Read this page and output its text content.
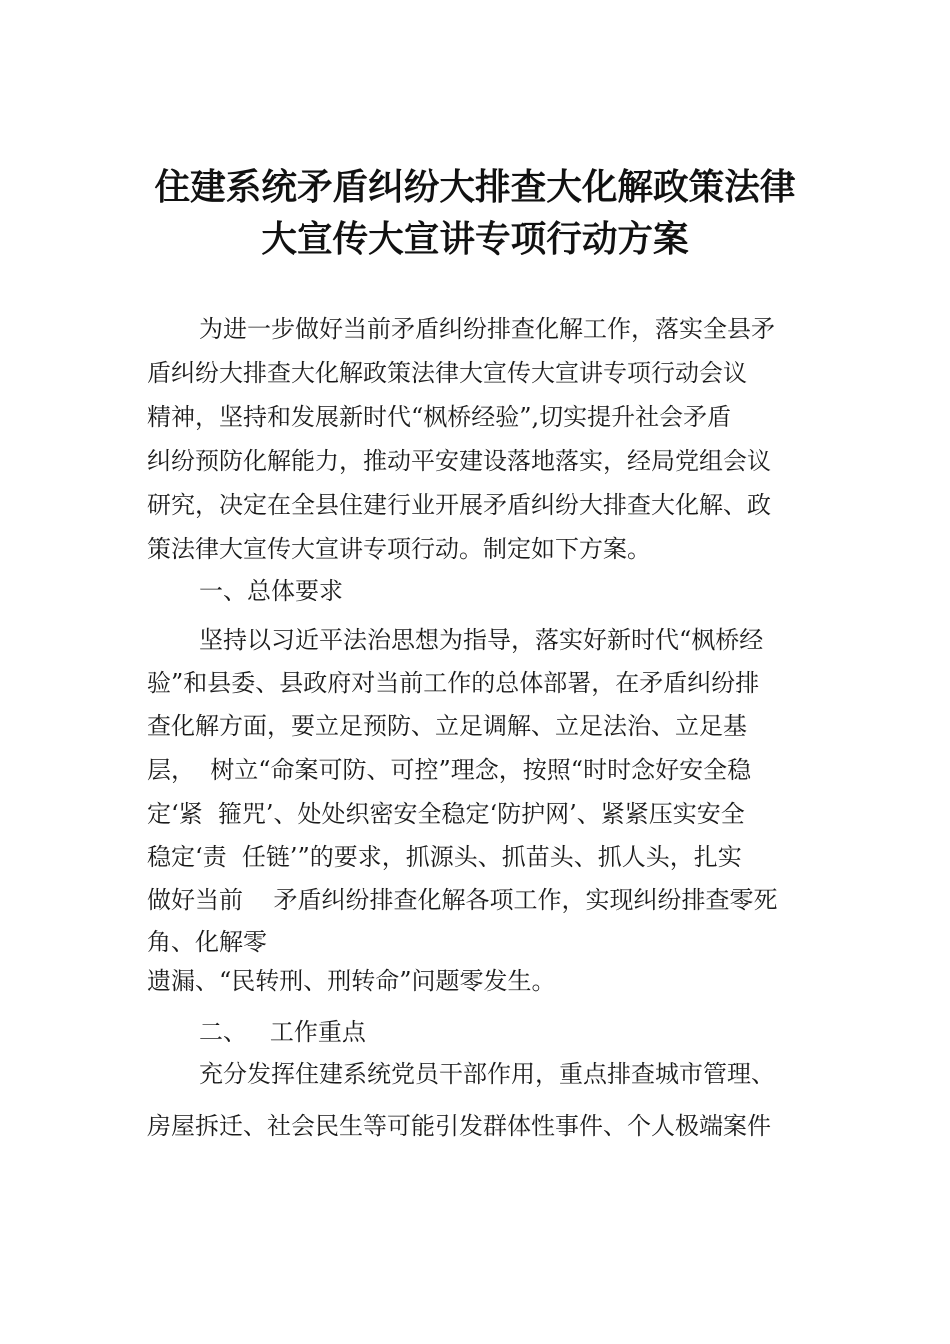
住建系统矛盾纠纷大排查大化解政策法律
大宣传大宣讲专项行动方案
为进一步做好当前矛盾纠纷排查化解工作，落实全县矛
盾纠纷大排查大化解政策法律大宣传大宣讲专项行动会议
精神，坚持和发展新时代“枫桥经验”,切实提升社会矛盾
纠纷预防化解能力，推动平安建设落地落实，经局党组会议
研究，决定在全县住建行业开展矛盾纠纷大排查大化解、政
策法律大宣传大宣讲专项行动。制定如下方案。
一、总体要求
坚持以习近平法治思想为指导，落实好新时代“枫桥经
验”和县委、县政府对当前工作的总体部署，在矛盾纠纷排
查化解方面，要立足预防、立足调解、立足法治、立足基
层，  树立“命案可防、可控”理念，按照“时时念好安全稳
定‘紧  箍咒’、处处织密安全稳定‘防护网’、紧紧压实安全
稳定‘责  任链’”的要求，抓源头、抓苗头、抓人头，扎实
做好当前    矛盾纠纷排查化解各项工作，实现纠纷排查零死
角、化解零
遗漏、“民转刑、刑转命”问题零发生。
二、   工作重点
充分发挥住建系统党员干部作用，重点排查城市管理、
房屋拆迁、社会民生等可能引发群体性事件、个人极端案件
